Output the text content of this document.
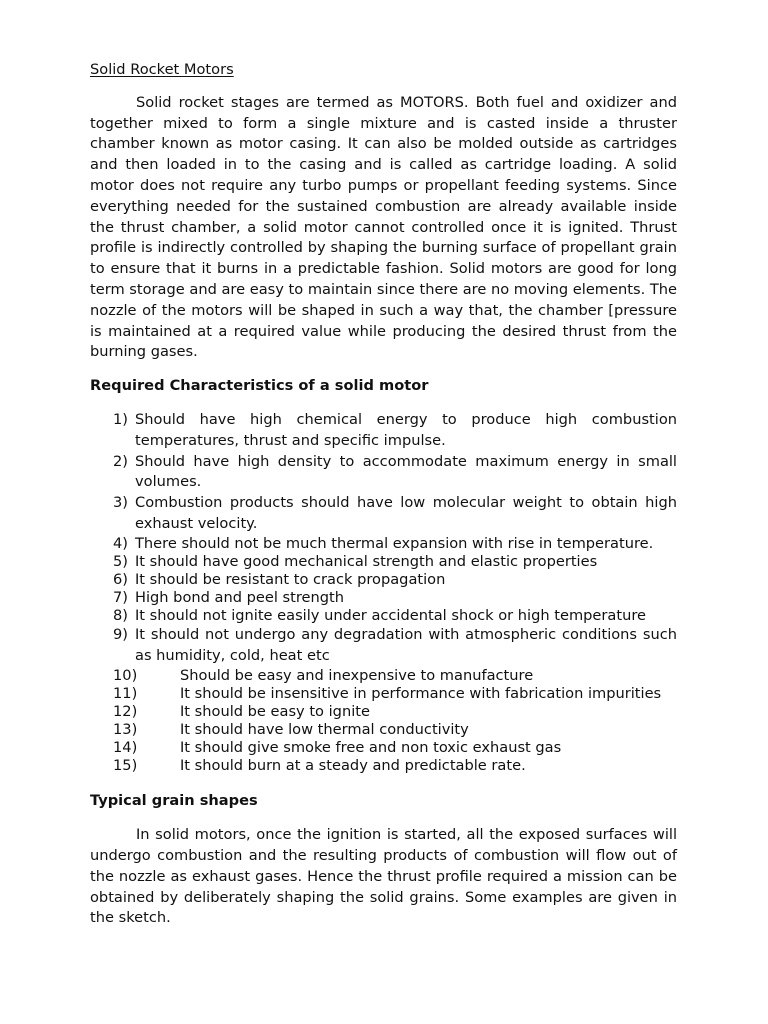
Solid Rocket Motors

Solid rocket stages are termed as MOTORS. Both fuel and oxidizer and together mixed to form a single mixture and is casted inside a thruster chamber known as motor casing. It can also be molded outside as cartridges and then loaded in to the casing and is called as cartridge loading. A solid motor does not require any turbo pumps or propellant feeding systems. Since everything needed for the sustained combustion are already available inside the thrust chamber, a solid motor cannot controlled once it is ignited. Thrust profile is indirectly controlled by shaping the burning surface of propellant grain to ensure that it burns in a predictable fashion. Solid motors are good for long term storage and are easy to maintain since there are no moving elements. The nozzle of the motors will be shaped in such a way that, the chamber [pressure is maintained at a required value while producing the desired thrust from the burning gases.

Required Characteristics of a solid motor
1) Should have high chemical energy to produce high combustion temperatures, thrust and specific impulse.
2) Should have high density to accommodate maximum energy in small volumes.
3) Combustion products should have low molecular weight to obtain high exhaust velocity.
4) There should not be much thermal expansion with rise in temperature.
5) It should have good mechanical strength and elastic properties
6) It should be resistant to crack propagation
7) High bond and peel strength
8) It should not ignite easily under accidental shock or high temperature
9) It should not undergo any degradation with atmospheric conditions such as humidity, cold, heat etc
10)	Should be easy and inexpensive to manufacture
11)	It should be insensitive in performance with fabrication impurities
12)	It should be easy to ignite
13)	It should have low thermal conductivity
14)	It should give smoke free and non toxic exhaust gas
15)	It should burn at a steady and predictable rate.
Typical grain shapes

In solid motors, once the ignition is started, all the exposed surfaces will undergo combustion and the resulting products of combustion will flow out of the nozzle as exhaust gases. Hence the thrust profile required a mission can be obtained by deliberately shaping the solid grains. Some examples are given in the sketch.
